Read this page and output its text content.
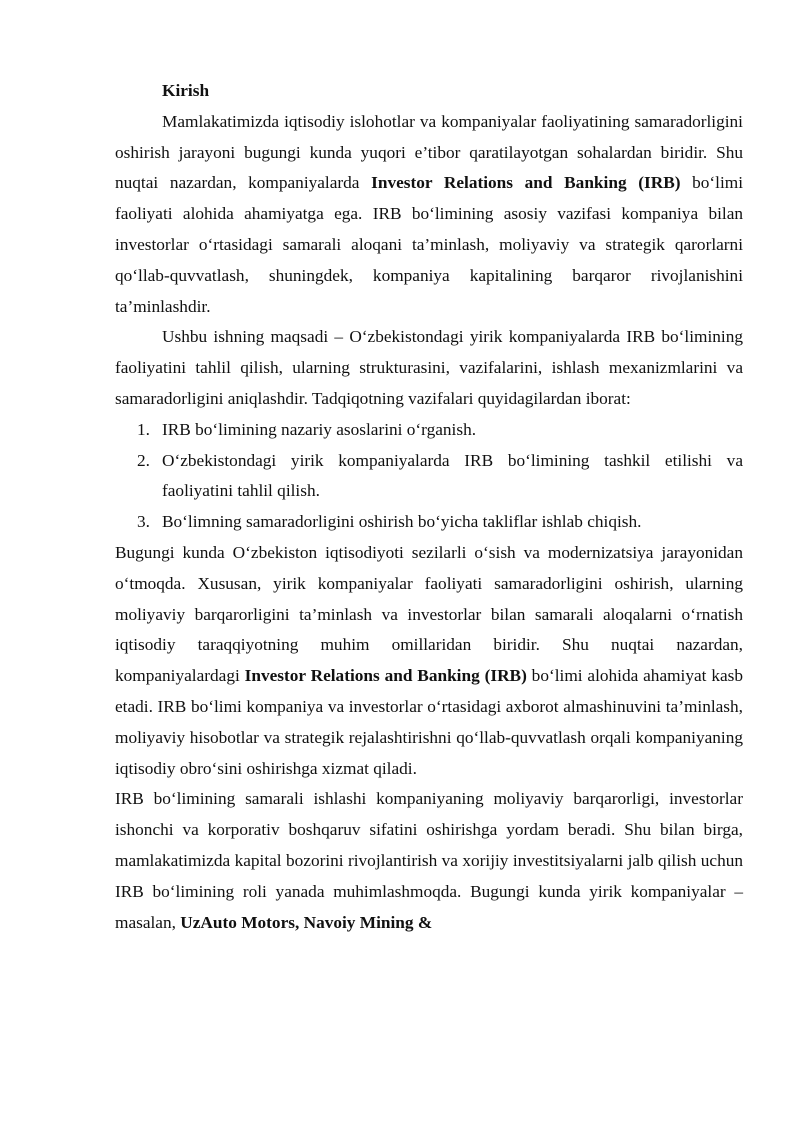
Kirish

Mamlakatimizda iqtisodiy islohotlar va kompaniyalar faoliyatining samaradorligini oshirish jarayoni bugungi kunda yuqori e’tibor qaratilayotgan sohalardan biridir. Shu nuqtai nazardan, kompaniyalarda Investor Relations and Banking (IRB) bo‘limi faoliyati alohida ahamiyatga ega. IRB bo‘limining asosiy vazifasi kompaniya bilan investorlar o‘rtasidagi samarali aloqani ta’minlash, moliyaviy va strategik qarorlarni qo‘llab-quvvatlash, shuningdek, kompaniya kapitalining barqaror rivojlanishini ta’minlashdir.

Ushbu ishning maqsadi – O‘zbekistondagi yirik kompaniyalarda IRB bo‘limining faoliyatini tahlil qilish, ularning strukturasini, vazifalarini, ishlash mexanizmlarini va samaradorligini aniqlashdir. Tadqiqotning vazifalari quyidagilardan iborat:

1. IRB bo‘limining nazariy asoslarini o‘rganish.
2. O‘zbekistondagi yirik kompaniyalarda IRB bo‘limining tashkil etilishi va faoliyatini tahlil qilish.
3. Bo‘limning samaradorligini oshirish bo‘yicha takliflar ishlab chiqish.

Bugungi kunda O‘zbekiston iqtisodiyoti sezilarli o‘sish va modernizatsiya jarayonidan o‘tmoqda. Xususan, yirik kompaniyalar faoliyati samaradorligini oshirish, ularning moliyaviy barqarorligini ta’minlash va investorlar bilan samarali aloqalarni o‘rnatish iqtisodiy taraqqiyotning muhim omillaridan biridir. Shu nuqtai nazardan, kompaniyalardagi Investor Relations and Banking (IRB) bo‘limi alohida ahamiyat kasb etadi. IRB bo‘limi kompaniya va investorlar o‘rtasidagi axborot almashinuvini ta’minlash, moliyaviy hisobotlar va strategik rejalashtirishni qo‘llab-quvvatlash orqali kompaniyaning iqtisodiy obro‘sini oshirishga xizmat qiladi.

IRB bo‘limining samarali ishlashi kompaniyaning moliyaviy barqarorligi, investorlar ishonchi va korporativ boshqaruv sifatini oshirishga yordam beradi. Shu bilan birga, mamlakatimizda kapital bozorini rivojlantirish va xorijiy investitsiyalarni jalb qilish uchun IRB bo‘limining roli yanada muhimlashmoqda. Bugungi kunda yirik kompaniyalar – masalan, UzAuto Motors, Navoiy Mining &
